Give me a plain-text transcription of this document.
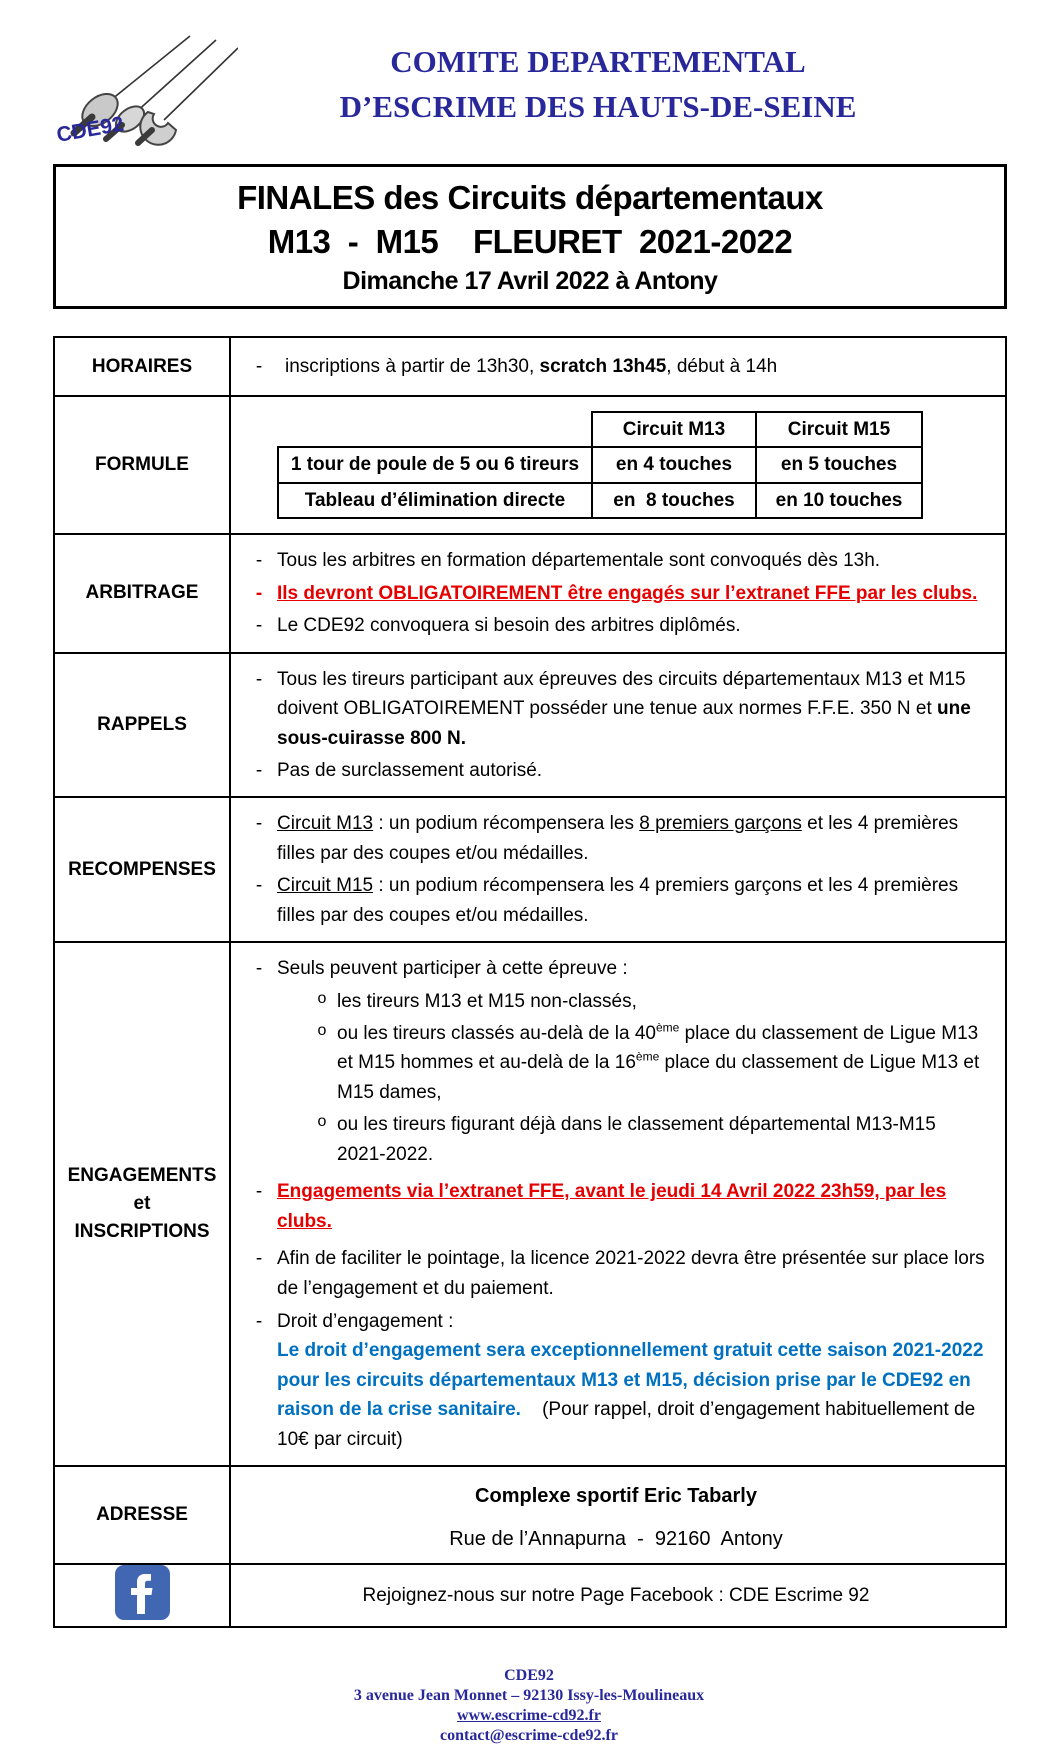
CDE92
COMITE DEPARTEMENTAL
D’ESCRIME DES HAUTS-DE-SEINE
FINALES des Circuits départementaux
M13  -  M15    FLEURET  2021-2022
Dimanche 17 Avril 2022 à Antony
HORAIRES	
-inscriptions à partir de 13h30, scratch 13h45, début à 14h

FORMULE	
	Circuit M13	Circuit M15
1 tour de poule de 5 ou 6 tireurs	en 4 touches	en 5 touches
Tableau d’élimination directe	en  8 touches	en 10 touches

ARBITRAGE	
-
Tous les arbitres en formation départementale sont convoqués dès 13h.
-
Ils devront OBLIGATOIREMENT être engagés sur l’extranet FFE par les clubs.
-
Le CDE92 convoquera si besoin des arbitres diplômés.

RAPPELS	
-
Tous les tireurs participant aux épreuves des circuits départementaux M13 et M15 doivent OBLIGATOIREMENT posséder une tenue aux normes F.F.E. 350 N et une sous-cuirasse 800 N.
-
Pas de surclassement autorisé.

RECOMPENSES	
-
Circuit M13 : un podium récompensera les 8 premiers garçons et les 4 premières filles par des coupes et/ou médailles.
-
Circuit M15 : un podium récompensera les 4 premiers garçons et les 4 premières filles par des coupes et/ou médailles.

ENGAGEMENTS
et
INSCRIPTIONS

-
Seuls peuvent participer à cette épreuve :
o
les tireurs M13 et M15 non-classés,
o
ou les tireurs classés au-delà de la 40ème place du classement de Ligue M13 et M15 hommes et au-delà de la 16ème place du classement de Ligue M13 et M15 dames,
o
ou les tireurs figurant déjà dans le classement départemental M13-M15  2021-2022.
-
Engagements via l’extranet FFE, avant le jeudi 14 Avril 2022 23h59, par les clubs.
-
Afin de faciliter le pointage, la licence 2021-2022 devra être présentée sur place lors de l’engagement et du paiement.
-
Droit d’engagement :
Le droit d’engagement sera exceptionnellement gratuit cette saison 2021-2022 pour les circuits départementaux M13 et M15, décision prise par le CDE92 en raison de la crise sanitaire. (Pour rappel, droit d’engagement habituellement de 10€ par circuit)

ADRESSE	
Complexe sportif Eric Tabarly
Rue de l’Annapurna  -  92160  Antony

	Rejoignez-nous sur notre Page Facebook : CDE Escrime 92
CDE92
3 avenue Jean Monnet – 92130 Issy-les-Moulineaux
www.escrime-cd92.fr
contact@escrime-cde92.fr
